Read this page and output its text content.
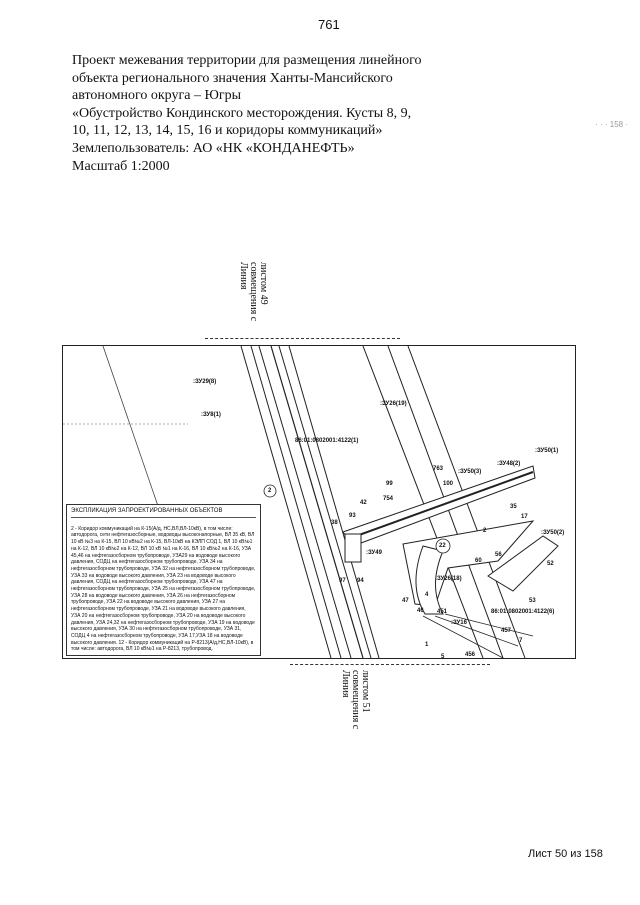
761
Проект межевания территории для размещения линейного
объекта регионального значения Ханты-Мансийского
автономного округа – Югры
«Обустройство Кондинского месторождения. Кусты 8, 9,
10, 11, 12, 13, 14, 15, 16 и коридоры коммуникаций»
Землепользователь: АО «НК «КОНДАНЕФТЬ»
Масштаб 1:2000
· · · 158 ·
Линия совмещения с листом 49
:ЗУ29(8)
:ЗУ8(1)
:ЗУ26(19)
86:01:0802001:4122(1)
:ЗУ50(1)
:ЗУ48(2)
:ЗУ50(3)
:ЗУ50(2)
:ЗУ49
:ЗУ26(18)
86:01:0802001:4122(6)
:ЗУ16
763
100
99
754
42
93
35
38
17
2
52
97 94
60
56
47
46
4
451
53
457
7
1
5	456
2
22
ЭКСПЛИКАЦИЯ ЗАПРОЕКТИРОВАННЫХ ОБЪЕКТОВ
2 - Коридор коммуникаций на К-15(А/д, НС,ВЛ,ВЛ-10кВ), в том числе: автодорога, сети нефтегазосборные, водоводы высоконапорные, ВЛ 35 кВ, ВЛ 10 кВ №3 на К-15, ВЛ 10 кВ№2 на К-15, ВЛ-10кВ на КЭЛП СОД 1, ВЛ 10 кВ№1 на К-12, ВЛ 10 кВ№2 на К-12, ВЛ 10 кВ №1 на К-16, ВЛ 10 кВ№2 на К-16, УЗА 45,46 на нефтегазосборном трубопроводе, УЗА29 на водоводе высокого давления, СОДЦ на нефтегазосборном трубопроводе, УЗА 34 на нефтегазосборном трубопроводе, УЗА 32 на нефтегазосборном трубопроводе, УЗА 33 на водоводе высокого давления, УЗА 23 на водоводе высокого давления, СОДЦ на нефтегазосборном трубопроводе, УЗА 47 на нефтегазосборном трубопроводе, УЗА 25 на нефтегазосборном трубопроводе, УЗА 28 на водоводе высокого давления, УЗА 26 на нефтегазосборном трубопроводе, УЗА 22 на водоводе высокого давления, УЗА 27 на нефтегазосборном трубопроводе, УЗА 21 на водоводе высокого давления, УЗА 20 на нефтегазосборном трубопроводе, УЗА 20 на водоводе высокого давления, УЗА 24,32 на нефтегазосборном трубопроводе, УЗА 19 на водоводе высокого давления, УЗА 30 на нефтегазосборном трубопроводе, УЗА 31, СОДЦ 4 на нефтегазосборном трубопроводе, УЗА 17,УЗА 18 на водоводе высокого давления. 12 - Коридор коммуникаций на Р-8213(А/д,НС,ВЛ-10кВ), в том числе: автодорога, ВЛ 10 кВ№1 на Р-8213, трубопровод.
Линия совмещения с листом 51
Лист 50 из 158
